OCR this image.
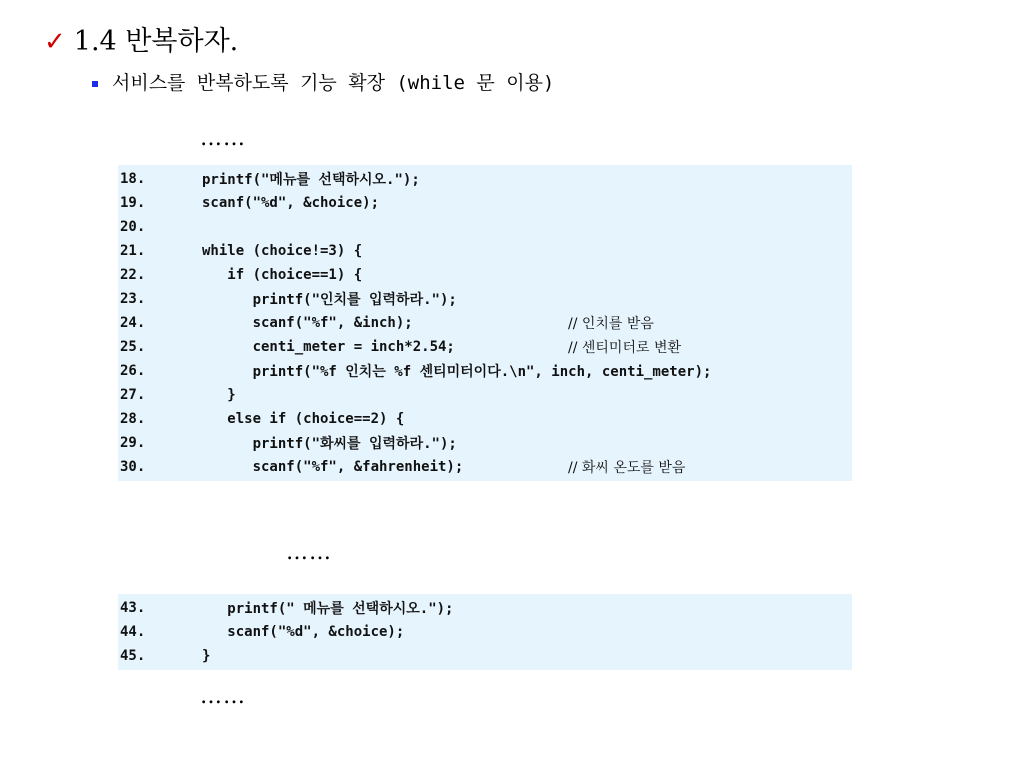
✓ 1.4 반복하자.
서비스를 반복하도록 기능 확장 (while 문 이용)
……
18.	printf("메뉴를 선택하시오.");
19.	scanf("%d", &choice);
20.
21.	while (choice!=3) {
22.	if (choice==1) {
23.	printf("인치를 입력하라.");
24.	scanf("%f", &inch);	// 인치를 받음
25.	centi_meter = inch*2.54;	// 센티미터로 변환
26.	printf("%f 인치는 %f 센티미터이다.\n", inch, centi_meter);
27.	}
28.	else if (choice==2) {
29.	printf("화씨를 입력하라.");
30.	scanf("%f", &fahrenheit);	// 화씨 온도를 받음
……
43.	printf(" 메뉴를 선택하시오.");
44.	scanf("%d", &choice);
45.	}
……
